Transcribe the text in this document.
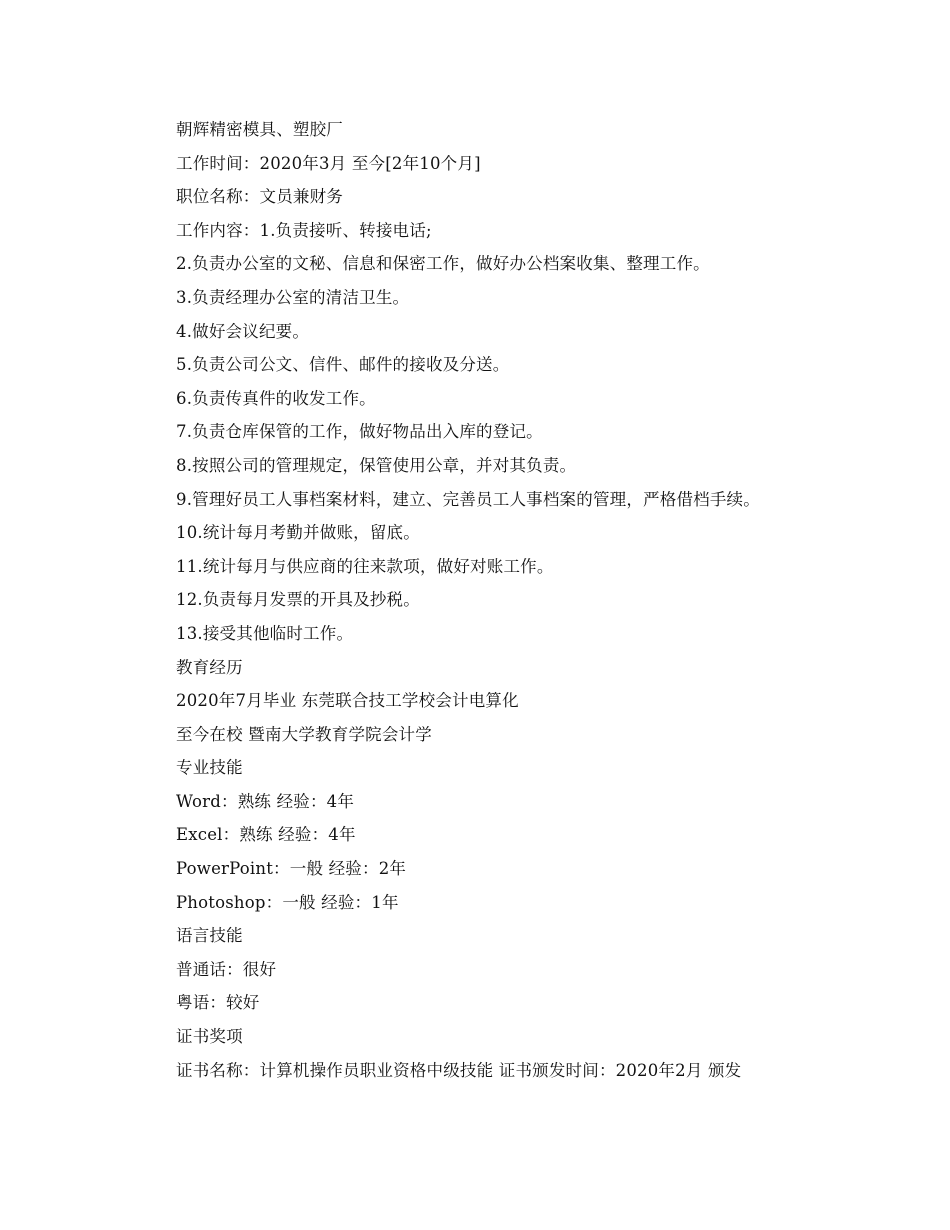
朝辉精密模具、塑胶厂
工作时间：2020年3月 至今[2年10个月]
职位名称：文员兼财务
工作内容：1.负责接听、转接电话;
2.负责办公室的文秘、信息和保密工作，做好办公档案收集、整理工作。
3.负责经理办公室的清洁卫生。
4.做好会议纪要。
5.负责公司公文、信件、邮件的接收及分送。
6.负责传真件的收发工作。
7.负责仓库保管的工作，做好物品出入库的登记。
8.按照公司的管理规定，保管使用公章，并对其负责。
9.管理好员工人事档案材料，建立、完善员工人事档案的管理，严格借档手续。
10.统计每月考勤并做账，留底。
11.统计每月与供应商的往来款项，做好对账工作。
12.负责每月发票的开具及抄税。
13.接受其他临时工作。
教育经历
2020年7月毕业 东莞联合技工学校会计电算化
至今在校 暨南大学教育学院会计学
专业技能
Word：熟练 经验：4年
Excel：熟练 经验：4年
PowerPoint：一般 经验：2年
Photoshop：一般 经验：1年
语言技能
普通话：很好
粤语：较好
证书奖项
证书名称：计算机操作员职业资格中级技能 证书颁发时间：2020年2月 颁发
